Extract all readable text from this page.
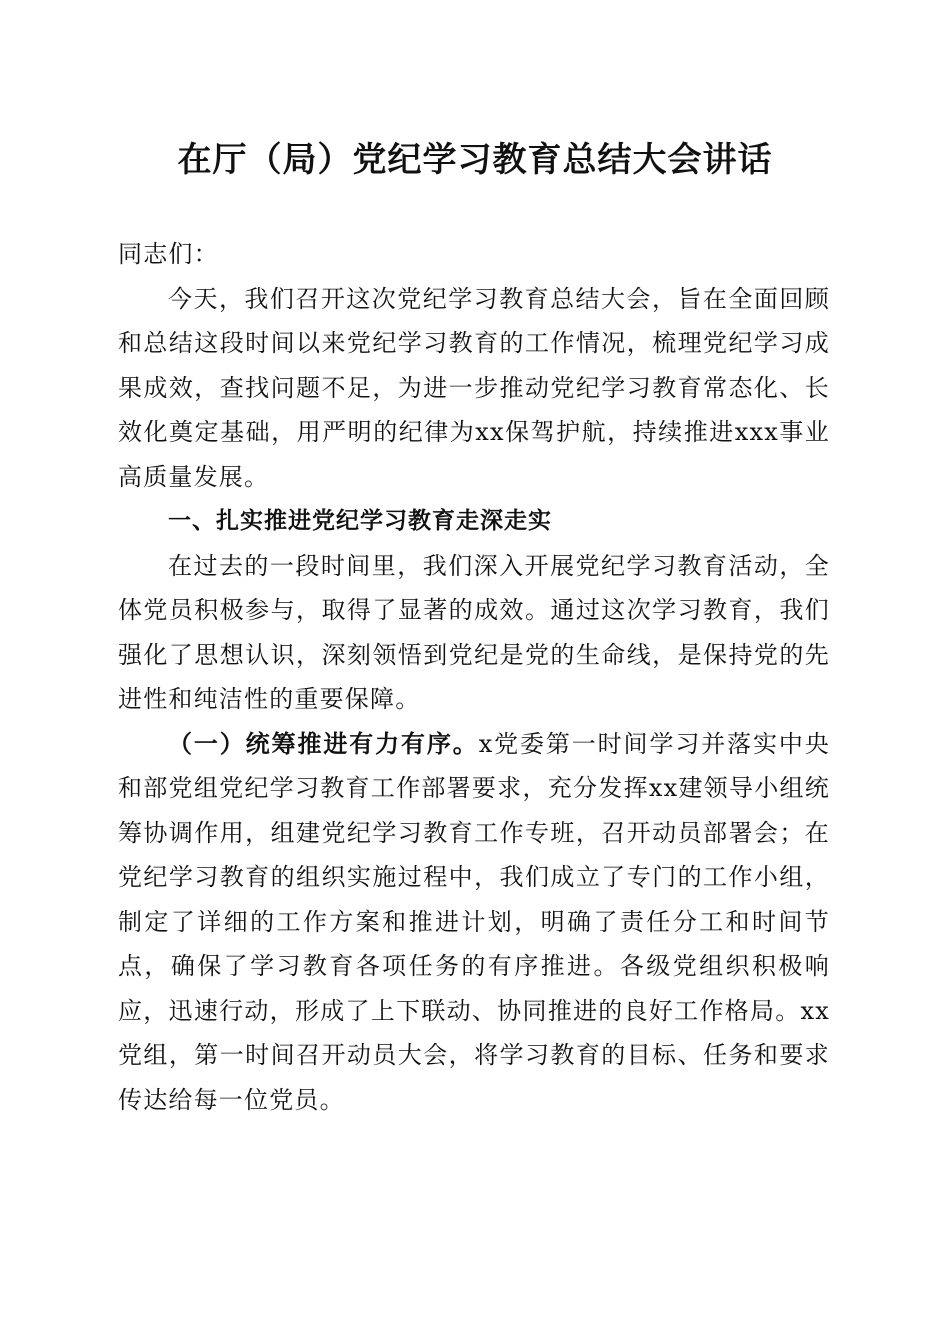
在厅（局）党纪学习教育总结大会讲话

同志们：

今天，我们召开这次党纪学习教育总结大会，旨在全面回顾和总结这段时间以来党纪学习教育的工作情况，梳理党纪学习成果成效，查找问题不足，为进一步推动党纪学习教育常态化、长效化奠定基础，用严明的纪律为xx保驾护航，持续推进xxx事业高质量发展。

一、扎实推进党纪学习教育走深走实

在过去的一段时间里，我们深入开展党纪学习教育活动，全体党员积极参与，取得了显著的成效。通过这次学习教育，我们强化了思想认识，深刻领悟到党纪是党的生命线，是保持党的先进性和纯洁性的重要保障。

（一）统筹推进有力有序。x党委第一时间学习并落实中央和部党组党纪学习教育工作部署要求，充分发挥xx建领导小组统筹协调作用，组建党纪学习教育工作专班，召开动员部署会；在党纪学习教育的组织实施过程中，我们成立了专门的工作小组，制定了详细的工作方案和推进计划，明确了责任分工和时间节点，确保了学习教育各项任务的有序推进。各级党组织积极响应，迅速行动，形成了上下联动、协同推进的良好工作格局。xx党组，第一时间召开动员大会，将学习教育的目标、任务和要求传达给每一位党员。
